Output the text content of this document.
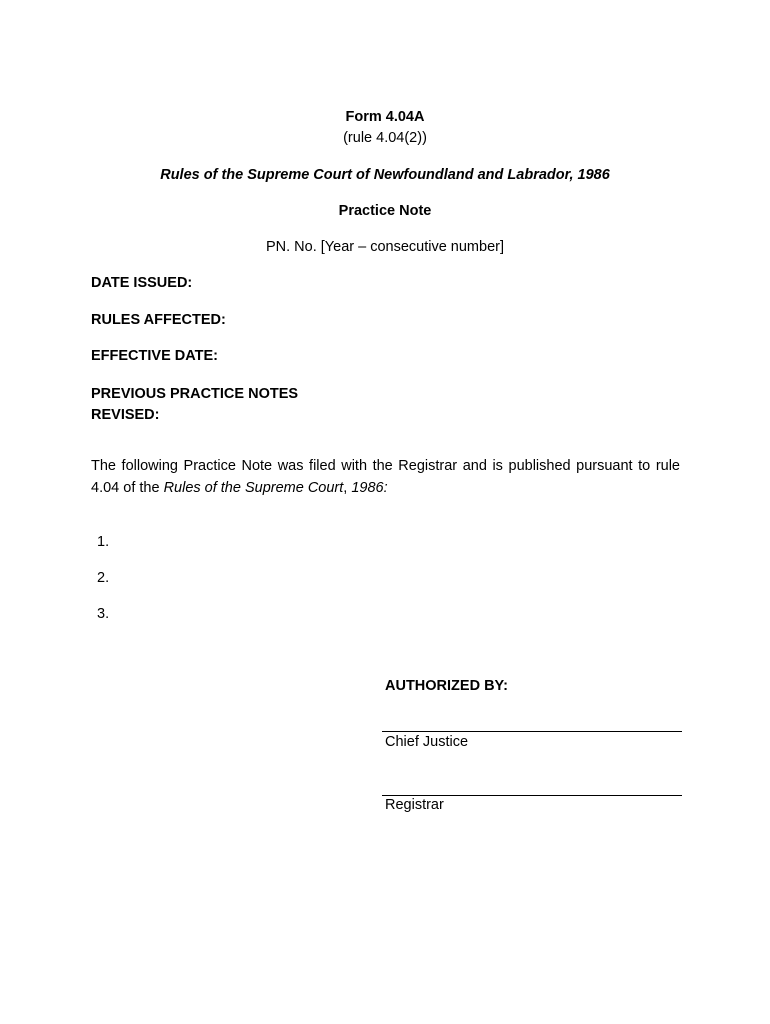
Form 4.04A
(rule 4.04(2))
Rules of the Supreme Court of Newfoundland and Labrador, 1986
Practice Note
PN. No. [Year – consecutive number]
DATE ISSUED:
RULES AFFECTED:
EFFECTIVE DATE:
PREVIOUS PRACTICE NOTES
REVISED:
The following Practice Note was filed with the Registrar and is published pursuant to rule 4.04 of the Rules of the Supreme Court, 1986:
1.
2.
3.
AUTHORIZED BY:
Chief Justice
Registrar
